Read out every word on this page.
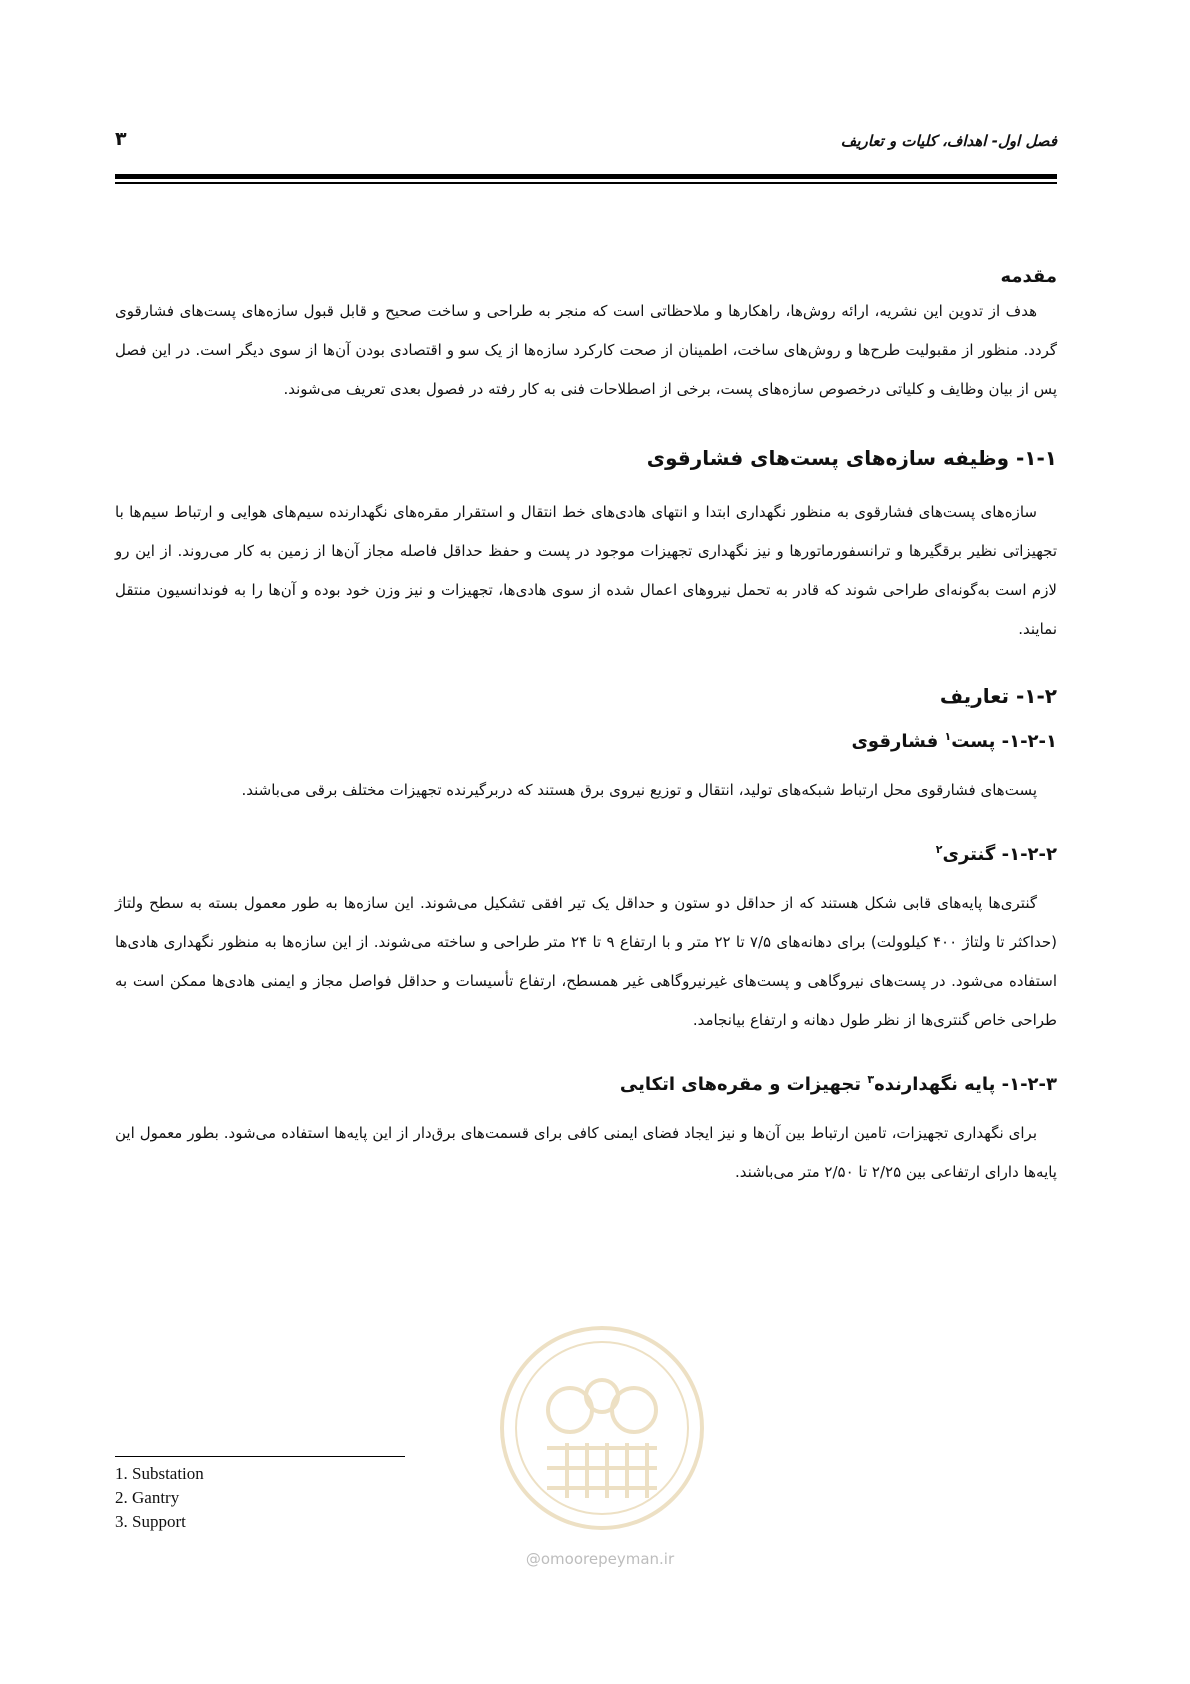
فصل اول- اهداف، کلیات و تعاریف
۳
مقدمه

هدف از تدوین این نشریه، ارائه روش‌ها، راهکارها و ملاحظاتی است که منجر به طراحی و ساخت صحیح و قابل قبول سازه‌های پست‌های فشارقوی گردد. منظور از مقبولیت طرح‌ها و روش‌های ساخت، اطمینان از صحت کارکرد سازه‌ها از یک سو و اقتصادی بودن آن‌ها از سوی دیگر است. در این فصل پس از بیان وظایف و کلیاتی درخصوص سازه‌های پست، برخی از اصطلاحات فنی به کار رفته در فصول بعدی تعریف می‌شوند.

۱-۱- وظیفه سازه‌های پست‌های فشارقوی

سازه‌های پست‌های فشارقوی به منظور نگهداری ابتدا و انتهای هادی‌های خط انتقال و استقرار مقره‌های نگهدارنده سیم‌های هوایی و ارتباط سیم‌ها با تجهیزاتی نظیر برقگیرها و ترانسفورماتورها و نیز نگهداری تجهیزات موجود در پست و حفظ حداقل فاصله مجاز آن‌ها از زمین به کار می‌روند. از این رو لازم است به‌گونه‌ای طراحی شوند که قادر به تحمل نیروهای اعمال شده از سوی هادی‌ها، تجهیزات و نیز وزن خود بوده و آن‌ها را به فوندانسیون منتقل نمایند.

۱-۲- تعاریف
۱-۲-۱- پست$^۱$ فشارقوی

پست‌های فشارقوی محل ارتباط شبکه‌های تولید، انتقال و توزیع نیروی برق هستند که دربرگیرنده تجهیزات مختلف برقی می‌باشند.

۱-۲-۲- گنتری$^۲$

گنتری‌ها پایه‌های قابی شکل هستند که از حداقل دو ستون و حداقل یک تیر افقی تشکیل می‌شوند. این سازه‌ها به طور معمول بسته به سطح ولتاژ (حداکثر تا ولتاژ ۴۰۰ کیلوولت) برای دهانه‌های ۷/۵ تا ۲۲ متر و با ارتفاع ۹ تا ۲۴ متر طراحی و ساخته می‌شوند. از این سازه‌ها به منظور نگهداری هادی‌ها استفاده می‌شود. در پست‌های نیروگاهی و پست‌های غیرنیروگاهی غیر همسطح، ارتفاع تأسیسات و حداقل فواصل مجاز و ایمنی هادی‌ها ممکن است به طراحی خاص گنتری‌ها از نظر طول دهانه و ارتفاع بیانجامد.

۱-۲-۳- پایه نگهدارنده$^۳$ تجهیزات و مقره‌های اتکایی

برای نگهداری تجهیزات، تامین ارتباط بین آن‌ها و نیز ایجاد فضای ایمنی کافی برای قسمت‌های برق‌دار از این پایه‌ها استفاده می‌شود. بطور معمول این پایه‌ها دارای ارتفاعی بین ۲/۲۵ تا ۲/۵۰ متر می‌باشند.

@omoorepeyman.ir
1. Substation
2. Gantry
3. Support
